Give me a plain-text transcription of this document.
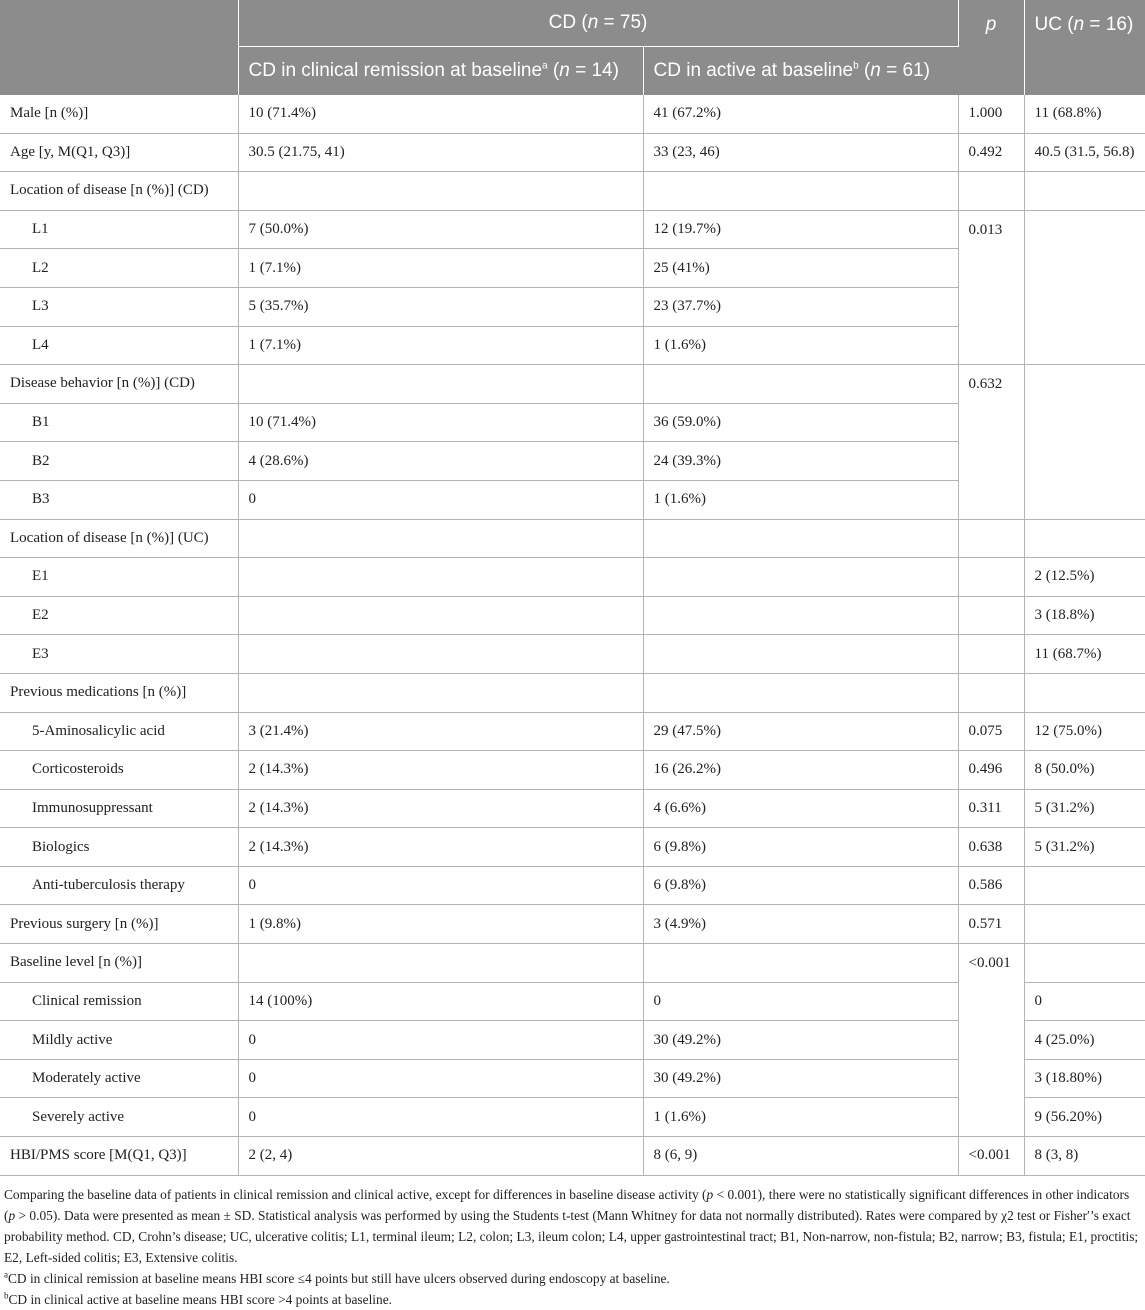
	CD (n = 75)		p	UC (n = 16)
	CD in clinical remission at baseline$^a$ (n = 14)	CD in active at baseline$^b$ (n = 61)		
Male [n (%)]	10 (71.4%)	41 (67.2%)	1.000	11 (68.8%)
Age [y, M(Q1, Q3)]	30.5 (21.75, 41)	33 (23, 46)	0.492	40.5 (31.5, 56.8)
Location of disease [n (%)] (CD)				
L1	7 (50.0%)	12 (19.7%)	0.013	
L2	1 (7.1%)	25 (41%)		
L3	5 (35.7%)	23 (37.7%)		
L4	1 (7.1%)	1 (1.6%)		
Disease behavior [n (%)] (CD)			0.632	
B1	10 (71.4%)	36 (59.0%)		
B2	4 (28.6%)	24 (39.3%)		
B3	0	1 (1.6%)		
Location of disease [n (%)] (UC)				
E1				2 (12.5%)
E2				3 (18.8%)
E3				11 (68.7%)
Previous medications [n (%)]				
5-Aminosalicylic acid	3 (21.4%)	29 (47.5%)	0.075	12 (75.0%)
Corticosteroids	2 (14.3%)	16 (26.2%)	0.496	8 (50.0%)
Immunosuppressant	2 (14.3%)	4 (6.6%)	0.311	5 (31.2%)
Biologics	2 (14.3%)	6 (9.8%)	0.638	5 (31.2%)
Anti-tuberculosis therapy	0	6 (9.8%)	0.586	
Previous surgery [n (%)]	1 (9.8%)	3 (4.9%)	0.571	
Baseline level [n (%)]			<0.001	
Clinical remission	14 (100%)	0		0
Mildly active	0	30 (49.2%)		4 (25.0%)
Moderately active	0	30 (49.2%)		3 (18.80%)
Severely active	0	1 (1.6%)		9 (56.20%)
HBI/PMS score [M(Q1, Q3)]	2 (2, 4)	8 (6, 9)	<0.001	8 (3, 8)

Comparing the baseline data of patients in clinical remission and clinical active, except for differences in baseline disease activity (p < 0.001), there were no statistically significant differences in other indicators (p > 0.05). Data were presented as mean ± SD. Statistical analysis was performed by using the Students t-test (Mann Whitney for data not normally distributed). Rates were compared by χ2 test or Fisher′’s exact probability method. CD, Crohn’s disease; UC, ulcerative colitis; L1, terminal ileum; L2, colon; L3, ileum colon; L4, upper gastrointestinal tract; B1, Non-narrow, non-fistula; B2, narrow; B3, fistula; E1, proctitis; E2, Left-sided colitis; E3, Extensive colitis.

$^a$CD in clinical remission at baseline means HBI score ≤4 points but still have ulcers observed during endoscopy at baseline.

$^b$CD in clinical active at baseline means HBI score >4 points at baseline.
